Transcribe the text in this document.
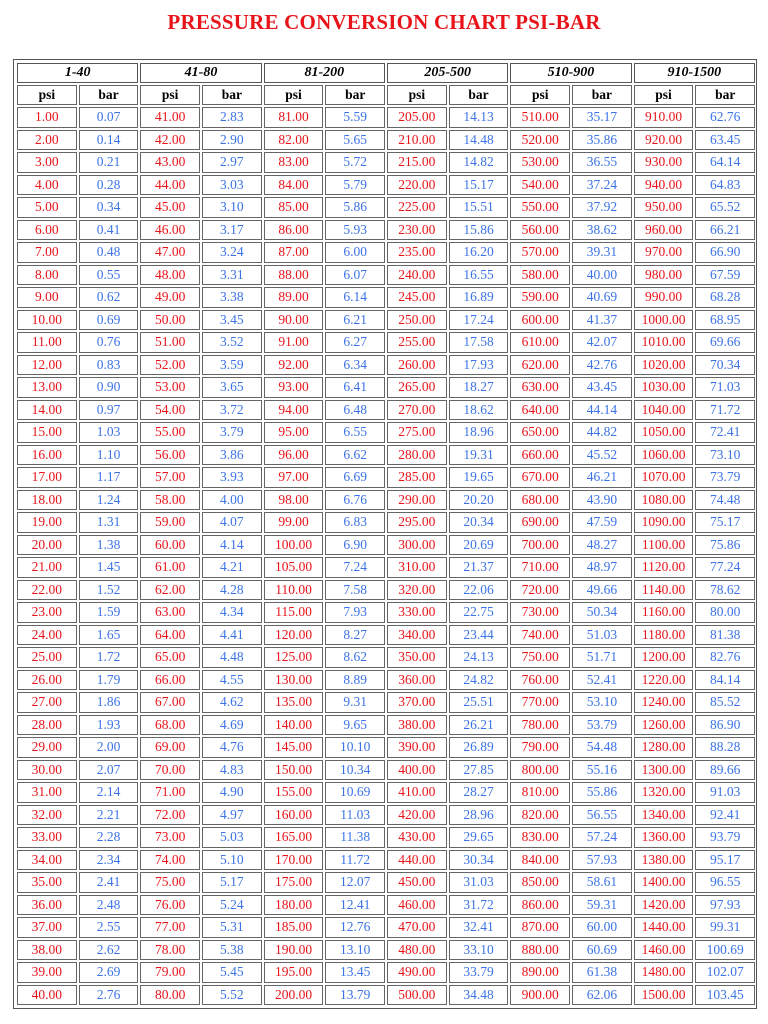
PRESSURE CONVERSION CHART PSI-BAR
1-40	41-80	81-200	205-500	510-900	910-1500
psi	bar	psi	bar	psi	bar	psi	bar	psi	bar	psi	bar
1.00	0.07	41.00	2.83	81.00	5.59	205.00	14.13	510.00	35.17	910.00	62.76
2.00	0.14	42.00	2.90	82.00	5.65	210.00	14.48	520.00	35.86	920.00	63.45
3.00	0.21	43.00	2.97	83.00	5.72	215.00	14.82	530.00	36.55	930.00	64.14
4.00	0.28	44.00	3.03	84.00	5.79	220.00	15.17	540.00	37.24	940.00	64.83
5.00	0.34	45.00	3.10	85.00	5.86	225.00	15.51	550.00	37.92	950.00	65.52
6.00	0.41	46.00	3.17	86.00	5.93	230.00	15.86	560.00	38.62	960.00	66.21
7.00	0.48	47.00	3.24	87.00	6.00	235.00	16.20	570.00	39.31	970.00	66.90
8.00	0.55	48.00	3.31	88.00	6.07	240.00	16.55	580.00	40.00	980.00	67.59
9.00	0.62	49.00	3.38	89.00	6.14	245.00	16.89	590.00	40.69	990.00	68.28
10.00	0.69	50.00	3.45	90.00	6.21	250.00	17.24	600.00	41.37	1000.00	68.95
11.00	0.76	51.00	3.52	91.00	6.27	255.00	17.58	610.00	42.07	1010.00	69.66
12.00	0.83	52.00	3.59	92.00	6.34	260.00	17.93	620.00	42.76	1020.00	70.34
13.00	0.90	53.00	3.65	93.00	6.41	265.00	18.27	630.00	43.45	1030.00	71.03
14.00	0.97	54.00	3.72	94.00	6.48	270.00	18.62	640.00	44.14	1040.00	71.72
15.00	1.03	55.00	3.79	95.00	6.55	275.00	18.96	650.00	44.82	1050.00	72.41
16.00	1.10	56.00	3.86	96.00	6.62	280.00	19.31	660.00	45.52	1060.00	73.10
17.00	1.17	57.00	3.93	97.00	6.69	285.00	19.65	670.00	46.21	1070.00	73.79
18.00	1.24	58.00	4.00	98.00	6.76	290.00	20.20	680.00	43.90	1080.00	74.48
19.00	1.31	59.00	4.07	99.00	6.83	295.00	20.34	690.00	47.59	1090.00	75.17
20.00	1.38	60.00	4.14	100.00	6.90	300.00	20.69	700.00	48.27	1100.00	75.86
21.00	1.45	61.00	4.21	105.00	7.24	310.00	21.37	710.00	48.97	1120.00	77.24
22.00	1.52	62.00	4.28	110.00	7.58	320.00	22.06	720.00	49.66	1140.00	78.62
23.00	1.59	63.00	4.34	115.00	7.93	330.00	22.75	730.00	50.34	1160.00	80.00
24.00	1.65	64.00	4.41	120.00	8.27	340.00	23.44	740.00	51.03	1180.00	81.38
25.00	1.72	65.00	4.48	125.00	8.62	350.00	24.13	750.00	51.71	1200.00	82.76
26.00	1.79	66.00	4.55	130.00	8.89	360.00	24.82	760.00	52.41	1220.00	84.14
27.00	1.86	67.00	4.62	135.00	9.31	370.00	25.51	770.00	53.10	1240.00	85.52
28.00	1.93	68.00	4.69	140.00	9.65	380.00	26.21	780.00	53.79	1260.00	86.90
29.00	2.00	69.00	4.76	145.00	10.10	390.00	26.89	790.00	54.48	1280.00	88.28
30.00	2.07	70.00	4.83	150.00	10.34	400.00	27.85	800.00	55.16	1300.00	89.66
31.00	2.14	71.00	4.90	155.00	10.69	410.00	28.27	810.00	55.86	1320.00	91.03
32.00	2.21	72.00	4.97	160.00	11.03	420.00	28.96	820.00	56.55	1340.00	92.41
33.00	2.28	73.00	5.03	165.00	11.38	430.00	29.65	830.00	57.24	1360.00	93.79
34.00	2.34	74.00	5.10	170.00	11.72	440.00	30.34	840.00	57.93	1380.00	95.17
35.00	2.41	75.00	5.17	175.00	12.07	450.00	31.03	850.00	58.61	1400.00	96.55
36.00	2.48	76.00	5.24	180.00	12.41	460.00	31.72	860.00	59.31	1420.00	97.93
37.00	2.55	77.00	5.31	185.00	12.76	470.00	32.41	870.00	60.00	1440.00	99.31
38.00	2.62	78.00	5.38	190.00	13.10	480.00	33.10	880.00	60.69	1460.00	100.69
39.00	2.69	79.00	5.45	195.00	13.45	490.00	33.79	890.00	61.38	1480.00	102.07
40.00	2.76	80.00	5.52	200.00	13.79	500.00	34.48	900.00	62.06	1500.00	103.45
